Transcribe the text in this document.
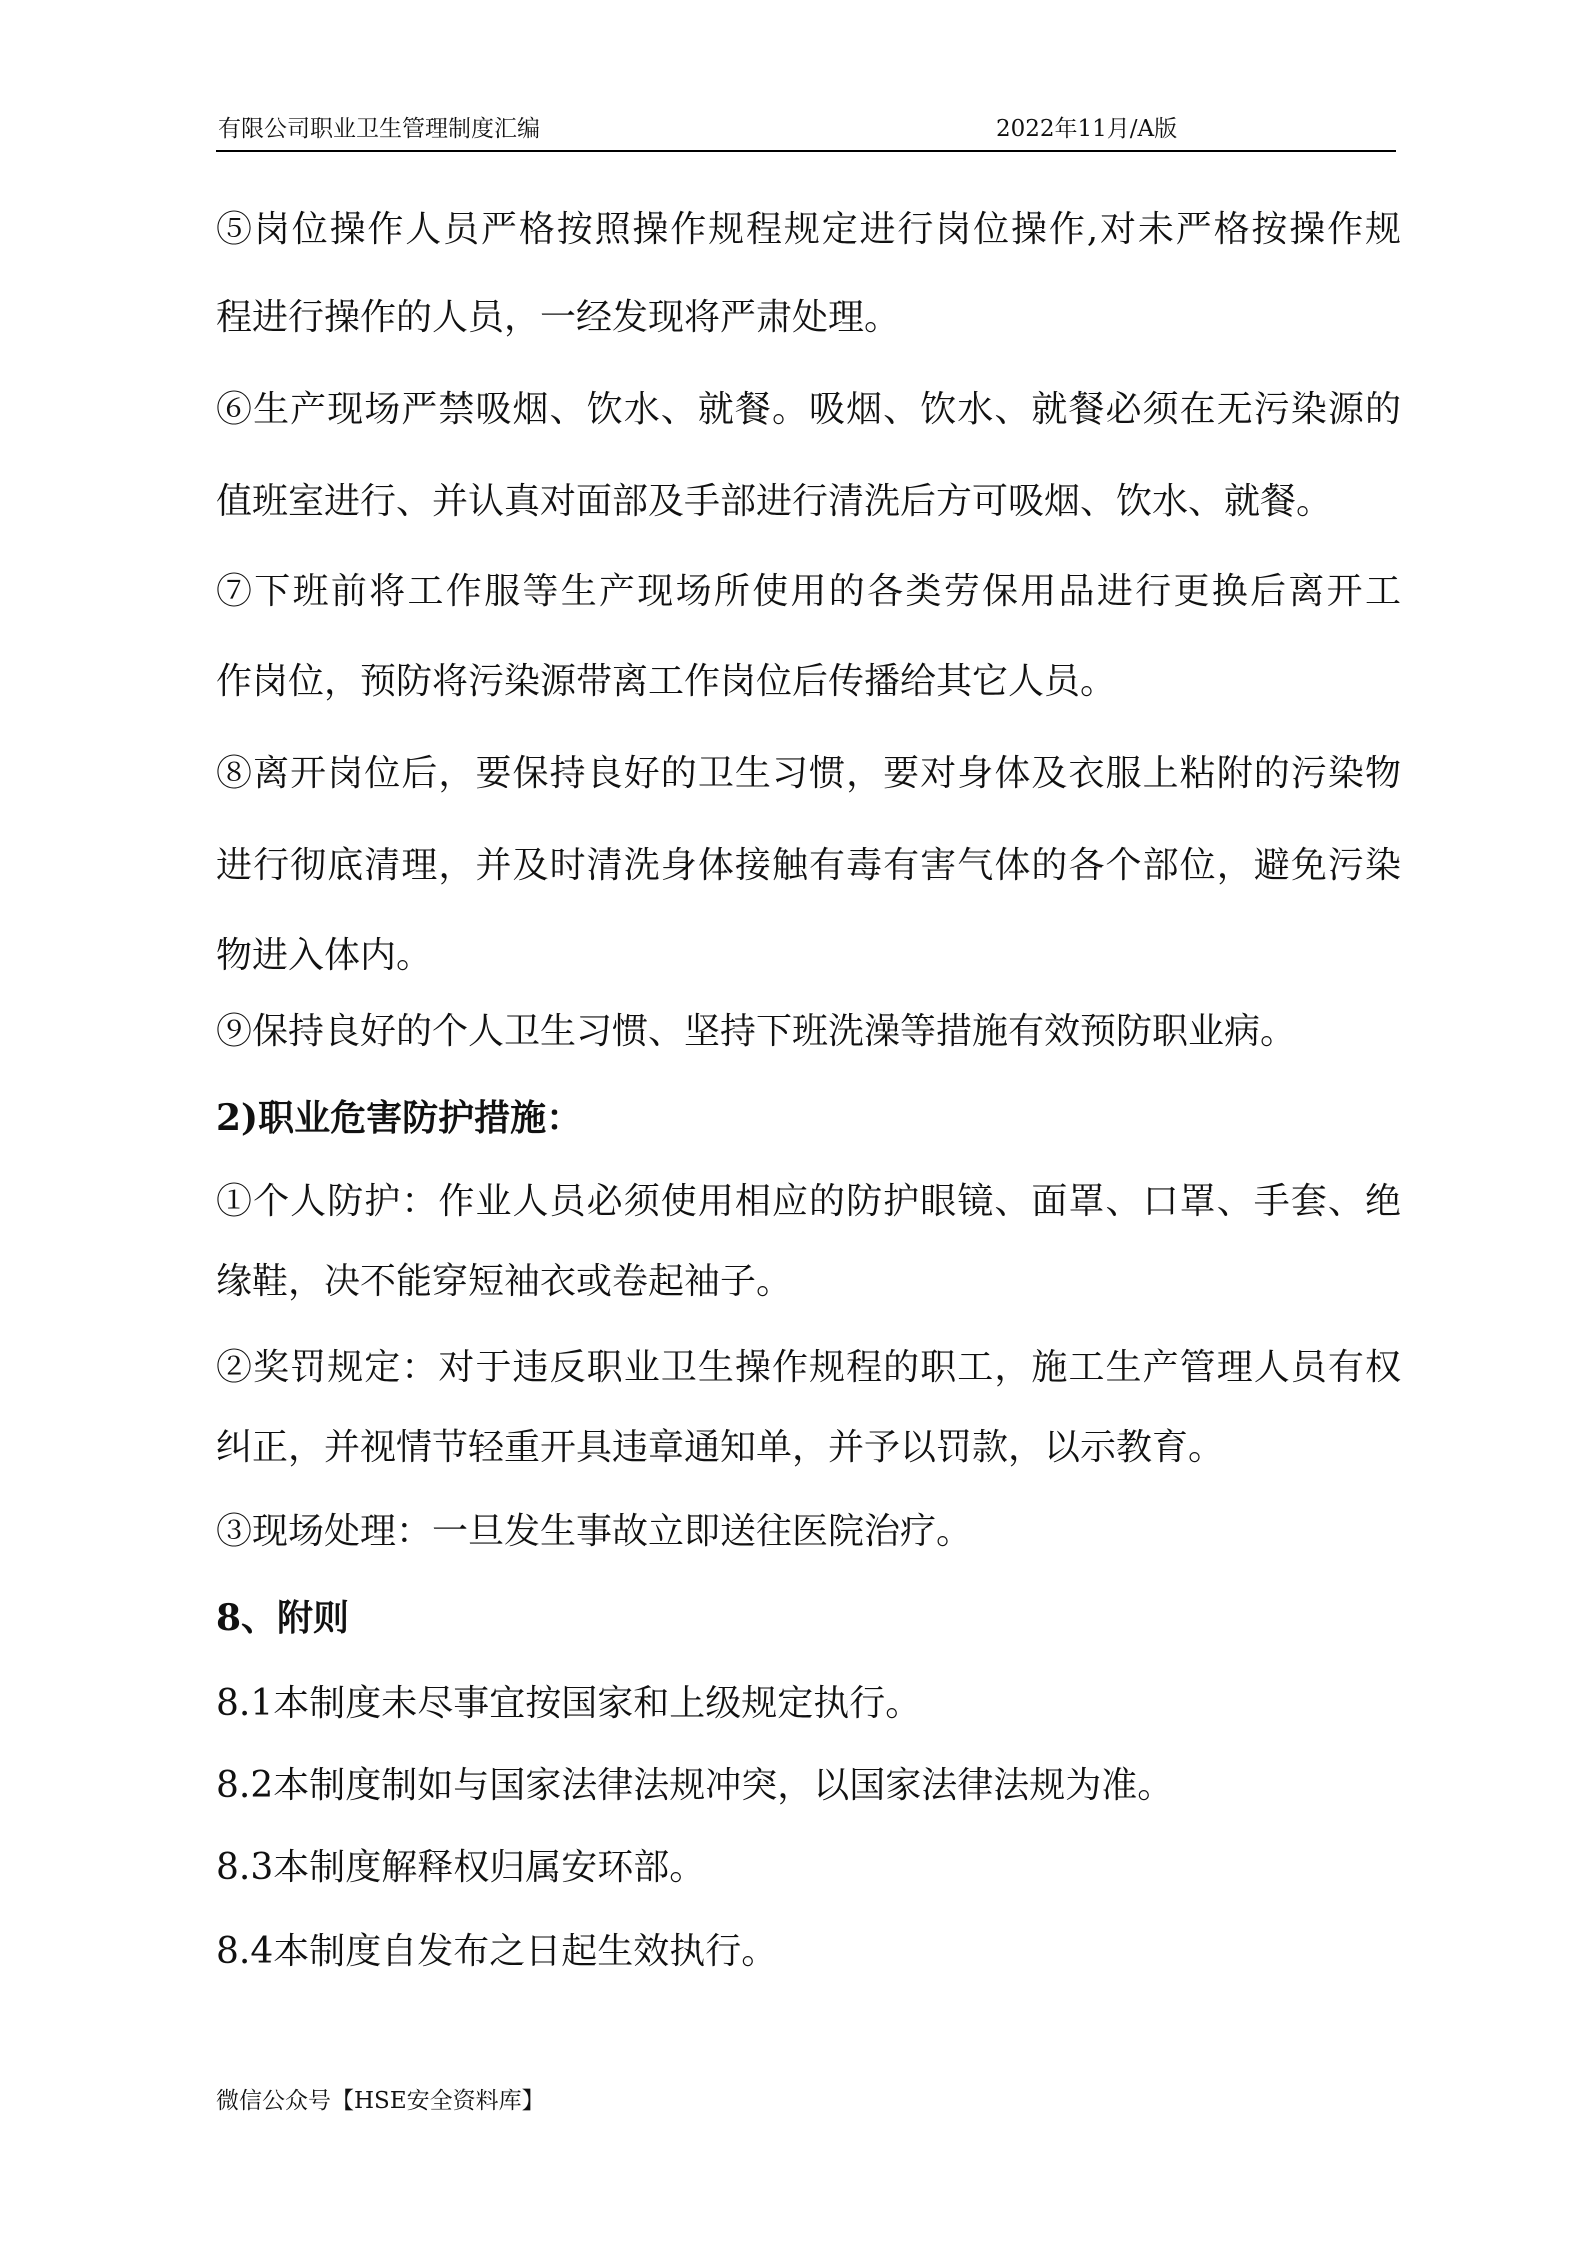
有限公司职业卫生管理制度汇编	2022年11月/A版
⑤岗位操作人员严格按照操作规程规定进行岗位操作,对未严格按操作规
程进行操作的人员，一经发现将严肃处理。
⑥生产现场严禁吸烟、饮水、就餐。吸烟、饮水、就餐必须在无污染源的
值班室进行、并认真对面部及手部进行清洗后方可吸烟、饮水、就餐。
⑦下班前将工作服等生产现场所使用的各类劳保用品进行更换后离开工
作岗位，预防将污染源带离工作岗位后传播给其它人员。
⑧离开岗位后，要保持良好的卫生习惯，要对身体及衣服上粘附的污染物
进行彻底清理，并及时清洗身体接触有毒有害气体的各个部位，避免污染
物进入体内。
⑨保持良好的个人卫生习惯、坚持下班洗澡等措施有效预防职业病。
2)职业危害防护措施：
①个人防护：作业人员必须使用相应的防护眼镜、面罩、口罩、手套、绝
缘鞋，决不能穿短袖衣或卷起袖子。
②奖罚规定：对于违反职业卫生操作规程的职工，施工生产管理人员有权
纠正，并视情节轻重开具违章通知单，并予以罚款，以示教育。
③现场处理：一旦发生事故立即送往医院治疗。
8、附则
8.1本制度未尽事宜按国家和上级规定执行。
8.2本制度制如与国家法律法规冲突，以国家法律法规为准。
8.3本制度解释权归属安环部。
8.4本制度自发布之日起生效执行。
微信公众号【HSE安全资料库】
